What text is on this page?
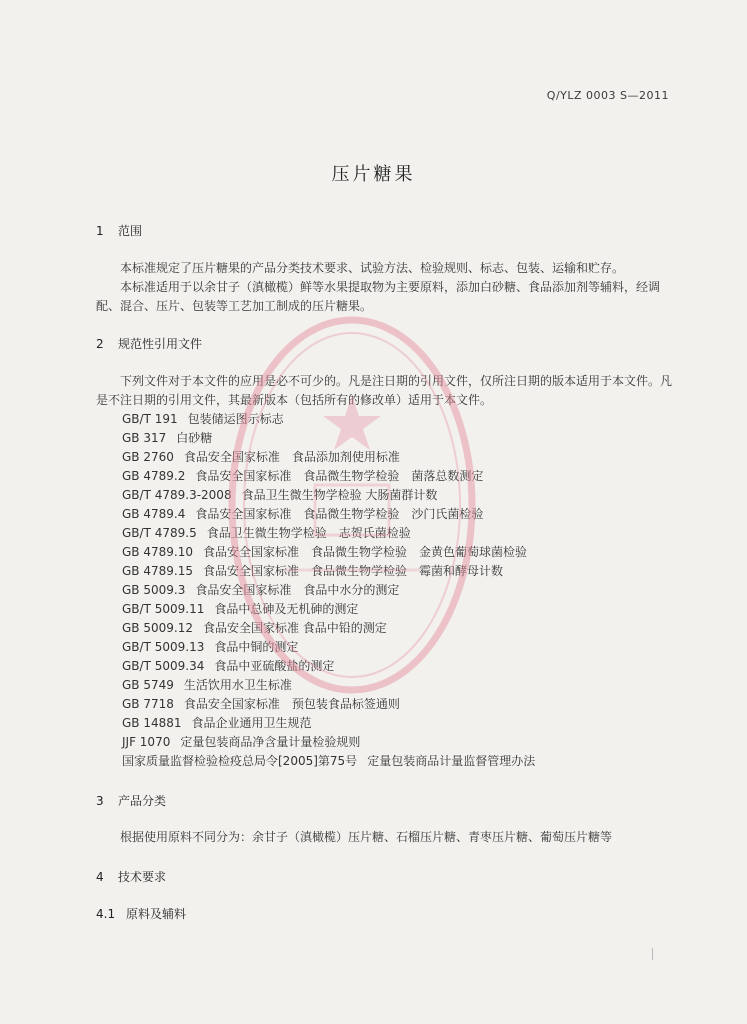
Q/YLZ 0003 S—2011
压片糖果
1 范围
本标准规定了压片糖果的产品分类技术要求、试验方法、检验规则、标志、包装、运输和贮存。
本标准适用于以余甘子（滇橄榄）鲜等水果提取物为主要原料，添加白砂糖、食品添加剂等辅料，经调配、混合、压片、包装等工艺加工制成的压片糖果。
2 规范性引用文件
下列文件对于本文件的应用是必不可少的。凡是注日期的引用文件，仅所注日期的版本适用于本文件。凡是不注日期的引用文件，其最新版本（包括所有的修改单）适用于本文件。
GB/T 191 包装储运图示标志
GB 317 白砂糖
GB 2760 食品安全国家标准　食品添加剂使用标准
GB 4789.2 食品安全国家标准　食品微生物学检验　菌落总数测定
GB/T 4789.3-2008 食品卫生微生物学检验 大肠菌群计数
GB 4789.4 食品安全国家标准　食品微生物学检验　沙门氏菌检验
GB/T 4789.5 食品卫生微生物学检验　志贺氏菌检验
GB 4789.10 食品安全国家标准　食品微生物学检验　金黄色葡萄球菌检验
GB 4789.15 食品安全国家标准　食品微生物学检验　霉菌和酵母计数
GB 5009.3 食品安全国家标准　食品中水分的测定
GB/T 5009.11 食品中总砷及无机砷的测定
GB 5009.12 食品安全国家标准 食品中铅的测定
GB/T 5009.13 食品中铜的测定
GB/T 5009.34 食品中亚硫酸盐的测定
GB 5749 生活饮用水卫生标准
GB 7718 食品安全国家标准　预包装食品标签通则
GB 14881 食品企业通用卫生规范
JJF 1070 定量包装商品净含量计量检验规则
国家质量监督检验检疫总局令[2005]第75号 定量包装商品计量监督管理办法
3 产品分类
根据使用原料不同分为：余甘子（滇橄榄）压片糖、石榴压片糖、青枣压片糖、葡萄压片糖等
4 技术要求
4.1 原料及辅料
